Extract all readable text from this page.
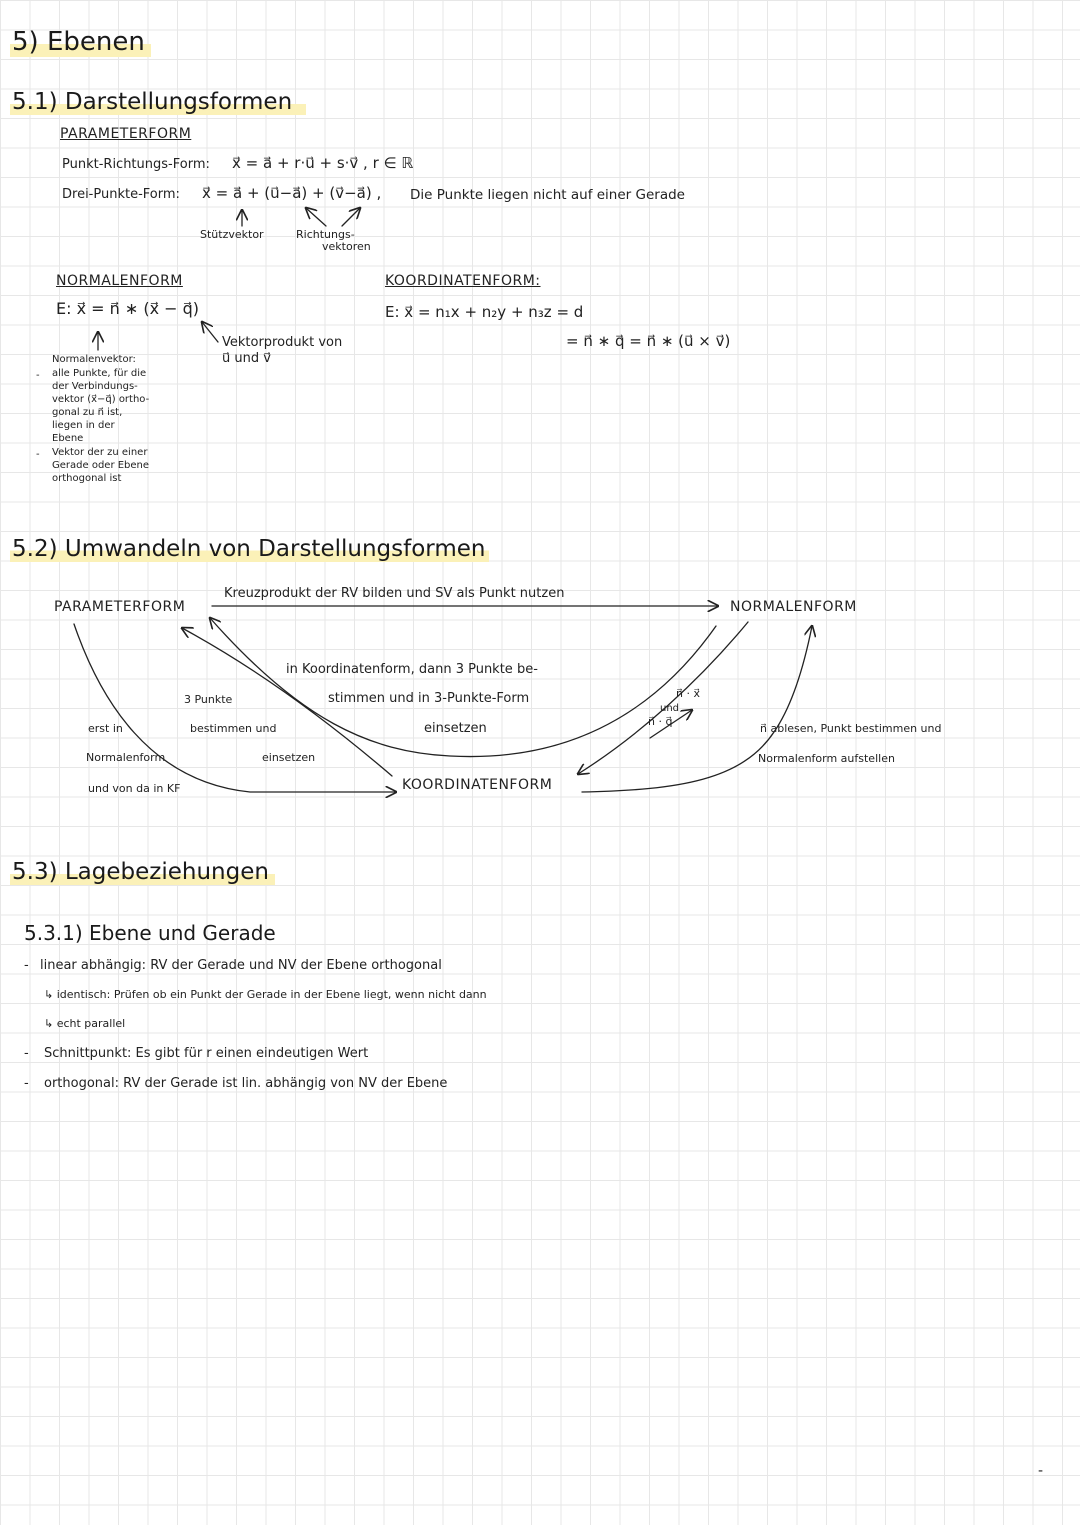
5) Ebenen
5.1) Darstellungsformen
PARAMETERFORM
Punkt-Richtungs-Form: x⃗ = a⃗ + r·u⃗ + s·v⃗ , r ∈ ℝ
Drei-Punkte-Form: x⃗ = a⃗ + (u⃗−a⃗) + (v⃗−a⃗) , Die Punkte liegen nicht auf einer Gerade
Stützvektor	Richtungs-
vektoren
NORMALENFORM
E: x⃗ = n⃗ ∗ (x⃗ − q⃗)
Vektorprodukt von
u⃗ und v⃗
Normalenvektor:
- alle Punkte, für die
der Verbindungs-
vektor (x⃗−q⃗) ortho-
gonal zu n⃗ ist,
liegen in der
Ebene
- Vektor der zu einer
Gerade oder Ebene
orthogonal ist
KOORDINATENFORM:
E: x⃗ = n₁x + n₂y + n₃z = d
= n⃗ ∗ q⃗ = n⃗ ∗ (u⃗ × v⃗)
5.2) Umwandeln von Darstellungsformen
PARAMETERFORM	NORMALENFORM
KOORDINATENFORM
Kreuzprodukt der RV bilden und SV als Punkt nutzen
in Koordinatenform, dann 3 Punkte be-
stimmen und in 3-Punkte-Form
einsetzen
3 Punkte
bestimmen und
einsetzen
erst in
Normalenform
und von da in KF
n⃗ · x⃗
und
n⃗ · q⃗
n⃗ ablesen, Punkt bestimmen und
Normalenform aufstellen
5.3) Lagebeziehungen
5.3.1) Ebene und Gerade
- linear abhängig: RV der Gerade und NV der Ebene orthogonal
↳ identisch: Prüfen ob ein Punkt der Gerade in der Ebene liegt, wenn nicht dann
↳ echt parallel
- Schnittpunkt: Es gibt für r einen eindeutigen Wert
- orthogonal: RV der Gerade ist lin. abhängig von NV der Ebene
-
